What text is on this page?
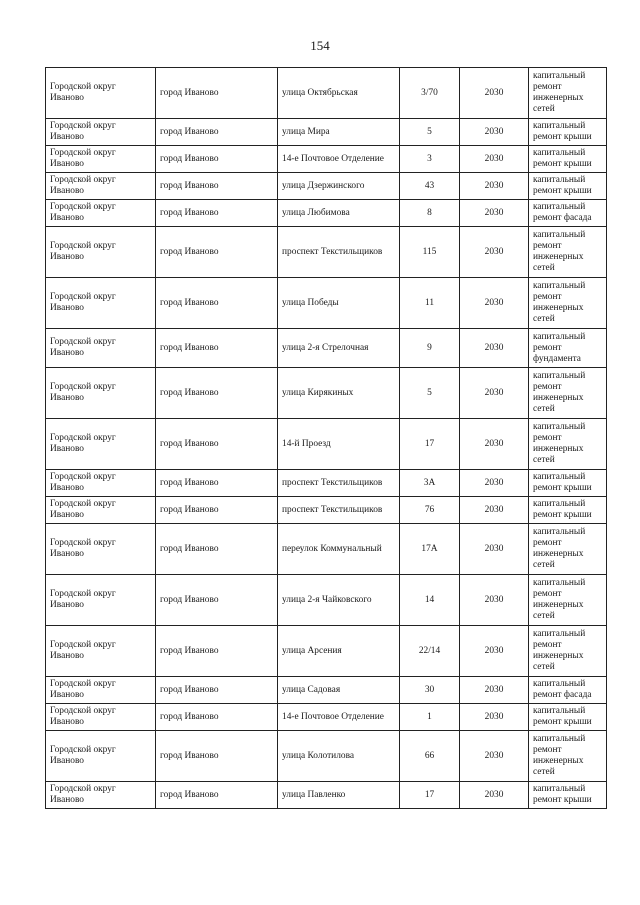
154
Городской округ Иваново	город Иваново	улица Октябрьская	3/70	2030	капитальный ремонт инженерных сетей
Городской округ Иваново	город Иваново	улица Мира	5	2030	капитальный ремонт крыши
Городской округ Иваново	город Иваново	14-е Почтовое Отделение	3	2030	капитальный ремонт крыши
Городской округ Иваново	город Иваново	улица Дзержинского	43	2030	капитальный ремонт крыши
Городской округ Иваново	город Иваново	улица Любимова	8	2030	капитальный ремонт фасада
Городской округ Иваново	город Иваново	проспект Текстильщиков	115	2030	капитальный ремонт инженерных сетей
Городской округ Иваново	город Иваново	улица Победы	11	2030	капитальный ремонт инженерных сетей
Городской округ Иваново	город Иваново	улица 2-я Стрелочная	9	2030	капитальный ремонт фундамента
Городской округ Иваново	город Иваново	улица Кирякиных	5	2030	капитальный ремонт инженерных сетей
Городской округ Иваново	город Иваново	14-й Проезд	17	2030	капитальный ремонт инженерных сетей
Городской округ Иваново	город Иваново	проспект Текстильщиков	3А	2030	капитальный ремонт крыши
Городской округ Иваново	город Иваново	проспект Текстильщиков	76	2030	капитальный ремонт крыши
Городской округ Иваново	город Иваново	переулок Коммунальный	17А	2030	капитальный ремонт инженерных сетей
Городской округ Иваново	город Иваново	улица 2-я Чайковского	14	2030	капитальный ремонт инженерных сетей
Городской округ Иваново	город Иваново	улица Арсения	22/14	2030	капитальный ремонт инженерных сетей
Городской округ Иваново	город Иваново	улица Садовая	30	2030	капитальный ремонт фасада
Городской округ Иваново	город Иваново	14-е Почтовое Отделение	1	2030	капитальный ремонт крыши
Городской округ Иваново	город Иваново	улица Колотилова	66	2030	капитальный ремонт инженерных сетей
Городской округ Иваново	город Иваново	улица Павленко	17	2030	капитальный ремонт крыши
